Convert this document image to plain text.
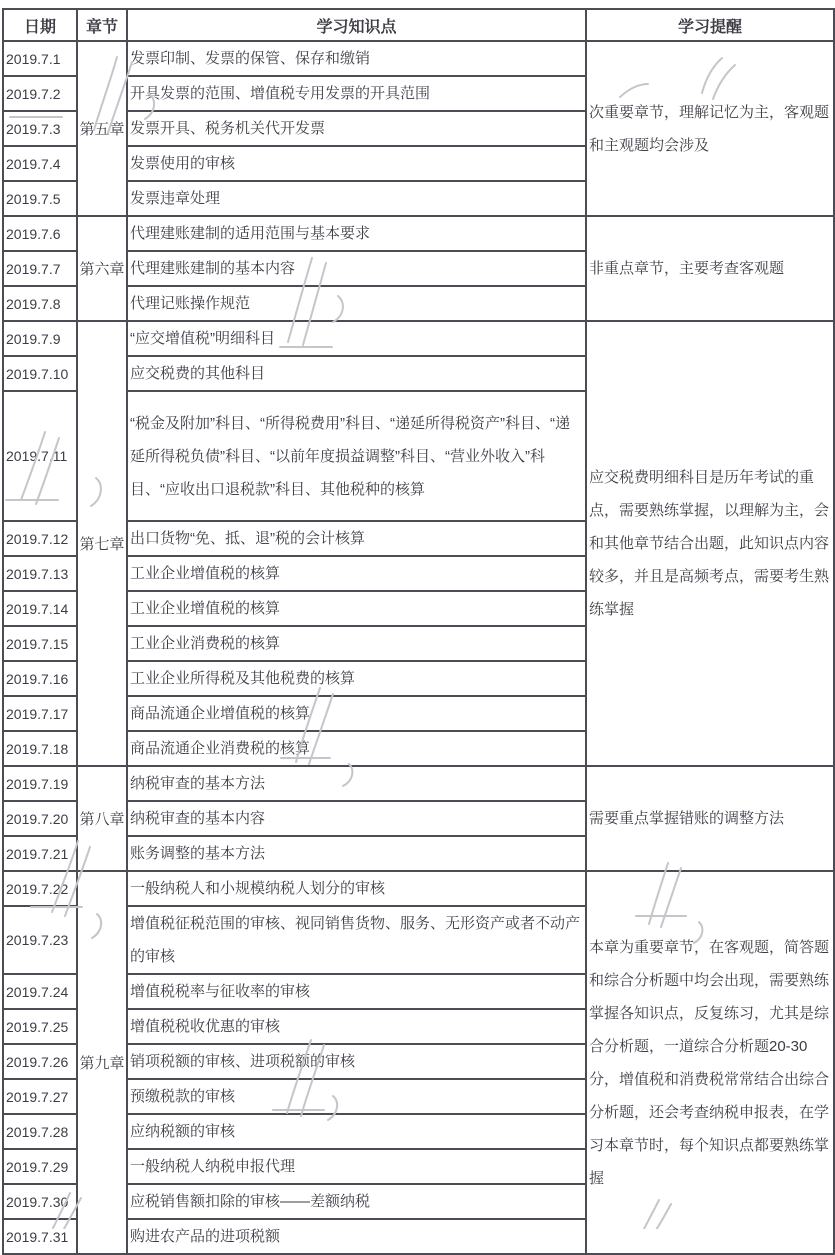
日期	章节	学习知识点	学习提醒
2019.7.1	第五章	发票印制、发票的保管、保存和缴销	次重要章节，理解记忆为主，客观题和主观题均会涉及
2019.7.2		开具发票的范围、增值税专用发票的开具范围	
2019.7.3		发票开具、税务机关代开发票	
2019.7.4		发票使用的审核	
2019.7.5		发票违章处理	
2019.7.6	第六章	代理建账建制的适用范围与基本要求	非重点章节，主要考查客观题
2019.7.7		代理建账建制的基本内容	
2019.7.8		代理记账操作规范	
2019.7.9	第七章	“应交增值税”明细科目	应交税费明细科目是历年考试的重点，需要熟练掌握，以理解为主，会和其他章节结合出题，此知识点内容较多，并且是高频考点，需要考生熟练掌握
2019.7.10		应交税费的其他科目	
2019.7.11		“税金及附加”科目、“所得税费用”科目、“递延所得税资产”科目、“递延所得税负债”科目、“以前年度损益调整”科目、“营业外收入”科目、“应收出口退税款”科目、其他税种的核算	
2019.7.12		出口货物“免、抵、退”税的会计核算	
2019.7.13		工业企业增值税的核算	
2019.7.14		工业企业增值税的核算	
2019.7.15		工业企业消费税的核算	
2019.7.16		工业企业所得税及其他税费的核算	
2019.7.17		商品流通企业增值税的核算	
2019.7.18		商品流通企业消费税的核算	
2019.7.19	第八章	纳税审查的基本方法	需要重点掌握错账的调整方法
2019.7.20		纳税审查的基本内容	
2019.7.21		账务调整的基本方法	
2019.7.22	第九章	一般纳税人和小规模纳税人划分的审核	本章为重要章节，在客观题，简答题和综合分析题中均会出现，需要熟练掌握各知识点，反复练习，尤其是综合分析题，一道综合分析题20-30分，增值税和消费税常常结合出综合分析题，还会考查纳税申报表，在学习本章节时，每个知识点都要熟练掌握
2019.7.23		增值税征税范围的审核、视同销售货物、服务、无形资产或者不动产的审核	
2019.7.24		增值税税率与征收率的审核	
2019.7.25		增值税税收优惠的审核	
2019.7.26		销项税额的审核、进项税额的审核	
2019.7.27		预缴税款的审核	
2019.7.28		应纳税额的审核	
2019.7.29		一般纳税人纳税申报代理	
2019.7.30		应税销售额扣除的审核——差额纳税	
2019.7.31		购进农产品的进项税额	
